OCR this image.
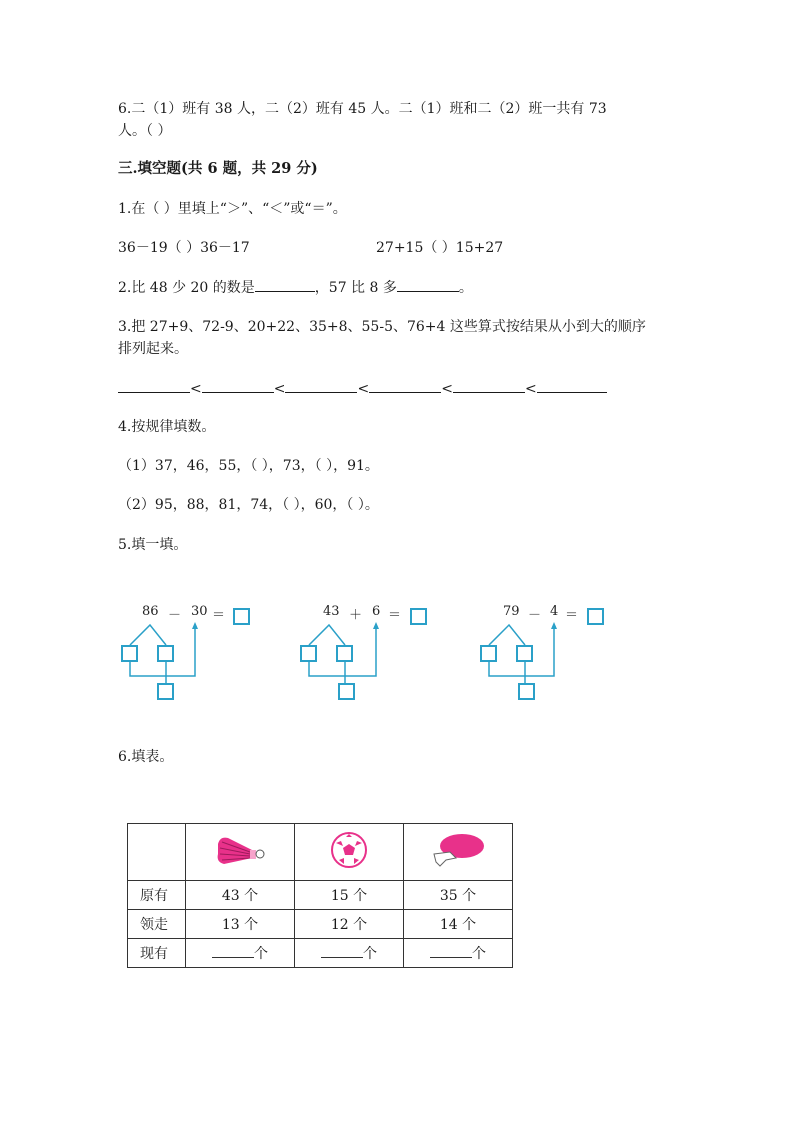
6.二（1）班有 38 人，二（2）班有 45 人。二（1）班和二（2）班一共有 73
人。（ ）
三.填空题(共 6 题，共 29 分)
1.在（ ）里填上“＞”、“＜”或“＝”。
36－19（ ）36－17	27+15（ ）15+27
2.比 48 少 20 的数是	，57 比 8 多	。
3.把 27+9、72-9、20+22、35+8、55-5、76+4 这些算式按结果从小到大的顺序
排列起来。
<	<	<	<	<
4.按规律填数。
（1）37，46，55，（ ），73，（ ），91。
（2）95，88，81，74，（ ），60，（ ）。
5.填一填。
86 － 30 ＝	43 ＋ 6 ＝	79 － 4 ＝
6.填表。

原有	43 个	15 个	35 个
领走	13 个	12 个	14 个
现有	个	个	个
